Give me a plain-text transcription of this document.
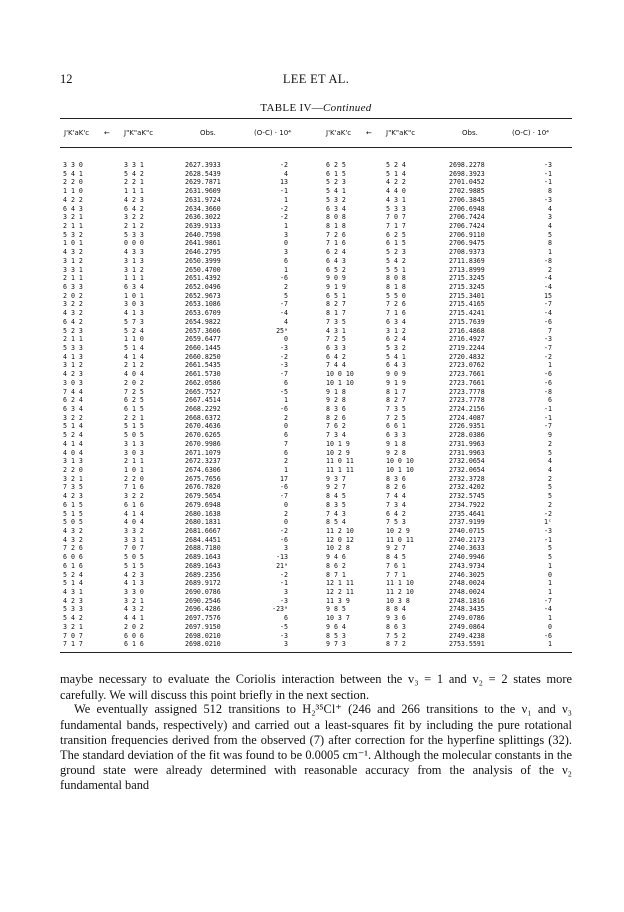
12	LEE ET AL.
TABLE IV—Continued
J'K'aK'c ← J"K"aK"c	Obs.	(O-C) · 10⁴	J'K'aK'c ← J"K"aK"c	Obs.	(O-C) · 10⁴
3 3 0	3 3 1	2627.3933	-2	6 2 5	5 2 4	2698.2278	-3
5 4 1	5 4 2	2628.5439	4	6 1 5	5 1 4	2698.3923	-1
2 2 0	2 2 1	2629.7871	13	5 2 3	4 2 2	2701.0452	-1
1 1 0	1 1 1	2631.9609	-1	5 4 1	4 4 0	2702.9885	8
4 2 2	4 2 3	2631.9724	1	5 3 2	4 3 1	2706.3845	-3
6 4 3	6 4 2	2634.3660	-2	6 3 4	5 3 3	2706.6948	4
3 2 1	3 2 2	2636.3022	-2	8 0 8	7 0 7	2706.7424	3
2 1 1	2 1 2	2639.9133	1	8 1 8	7 1 7	2706.7424	4
5 3 2	5 3 3	2640.7598	3	7 2 6	6 2 5	2706.9110	5
1 0 1	0 0 0	2641.9861	0	7 1 6	6 1 5	2706.9475	8
4 3 2	4 3 3	2646.2795	3	6 2 4	5 2 3	2708.9373	1
3 1 2	3 1 3	2650.3999	6	6 4 3	5 4 2	2711.8369	-8
3 3 1	3 1 2	2650.4700	1	6 5 2	5 5 1	2713.8999	2
2 1 1	1 1 1	2651.4392	-6	9 0 9	8 0 8	2715.3245	-4
6 3 3	6 3 4	2652.0496	2	9 1 9	8 1 8	2715.3245	-4
2 0 2	1 0 1	2652.9673	5	6 5 1	5 5 0	2715.3401	15
3 2 2	3 0 3	2653.1086	-7	8 2 7	7 2 6	2715.4165	-7
4 3 2	4 1 3	2653.6709	-4	8 1 7	7 1 6	2715.4241	-4
6 4 2	5 7 3	2654.9822	4	7 3 5	6 3 4	2715.7639	-6
5 2 3	5 2 4	2657.3606	25ᵃ	4 3 1	3 1 2	2716.4868	7
2 1 1	1 1 0	2659.6477	0	7 2 5	6 2 4	2716.4927	-3
5 3 3	5 1 4	2660.1445	-3	6 3 3	5 3 2	2719.2244	-7
4 1 3	4 1 4	2660.8250	-2	6 4 2	5 4 1	2720.4832	-2
3 1 2	2 1 2	2661.5435	-3	7 4 4	6 4 3	2723.0762	1
4 2 3	4 0 4	2661.5730	-7	10 0 10	9 0 9	2723.7661	-6
3 0 3	2 0 2	2662.0586	6	10 1 10	9 1 9	2723.7661	-6
7 4 4	7 2 5	2665.7527	-5	9 1 8	8 1 7	2723.7778	-8
6 2 4	6 2 5	2667.4514	1	9 2 8	8 2 7	2723.7778	6
6 3 4	6 1 5	2668.2292	-6	8 3 6	7 3 5	2724.2156	-1
3 2 2	2 2 1	2668.6372	2	8 2 6	7 2 5	2724.4087	-1
5 1 4	5 1 5	2670.4636	0	7 6 2	6 6 1	2726.9351	-7
5 2 4	5 0 5	2670.6265	6	7 3 4	6 3 3	2728.0386	9
4 1 4	3 1 3	2670.9986	7	10 1 9	9 1 8	2731.9963	2
4 0 4	3 0 3	2671.1079	6	10 2 9	9 2 8	2731.9963	5
3 1 3	2 1 1	2672.3237	2	11 0 11	10 0 10	2732.0654	4
2 2 0	1 0 1	2674.6306	1	11 1 11	10 1 10	2732.0654	4
3 2 1	2 2 0	2675.7656	17	9 3 7	8 3 6	2732.3728	2
7 3 5	7 1 6	2676.7820	-6	9 2 7	8 2 6	2732.4202	5
4 2 3	3 2 2	2679.5654	-7	8 4 5	7 4 4	2732.5745	5
6 1 5	6 1 6	2679.6948	0	8 3 5	7 3 4	2734.7922	2
5 1 5	4 1 4	2680.1638	2	7 4 3	6 4 2	2735.4641	-2
5 0 5	4 0 4	2680.1831	0	8 5 4	7 5 3	2737.9199	1ᶜ
4 3 2	3 3 2	2681.6667	-2	11 2 10	10 2 9	2740.0715	-3
4 3 2	3 3 1	2684.4451	-6	12 0 12	11 0 11	2740.2173	-1
7 2 6	7 0 7	2688.7180	3	10 2 8	9 2 7	2740.3633	5
6 0 6	5 0 5	2689.1643	-13	9 4 6	8 4 5	2740.9946	5
6 1 6	5 1 5	2689.1643	21ᵃ	8 6 2	7 6 1	2743.9734	1
5 2 4	4 2 3	2689.2356	-2	8 7 1	7 7 1	2746.3025	0
5 1 4	4 1 3	2689.9172	-1	12 1 11	11 1 10	2748.0024	1
4 3 1	3 3 0	2690.0786	3	12 2 11	11 2 10	2748.0024	1
4 2 3	3 2 1	2690.2546	-3	11 3 9	10 3 8	2748.1816	-7
5 3 3	4 3 2	2696.4286	-23ᵃ	9 8 5	8 8 4	2748.3435	-4
5 4 2	4 4 1	2697.7576	6	10 3 7	9 3 6	2749.0786	1
3 2 1	2 0 2	2697.9150	-5	9 6 4	8 6 3	2749.0864	0
7 0 7	6 0 6	2698.0210	-3	8 5 3	7 5 2	2749.4238	-6
7 1 7	6 1 6	2698.0210	3	9 7 3	8 7 2	2753.5591	1

maybe necessary to evaluate the Coriolis interaction between the v₃ = 1 and v₂ = 2 states more carefully. We will discuss this point briefly in the next section.

We eventually assigned 512 transitions to H₂³⁵Cl⁺ (246 and 266 transitions to the ν₁ and ν₃ fundamental bands, respectively) and carried out a least-squares fit by including the pure rotational transition frequencies derived from the observed (7) after correction for the hyperfine splittings (32). The standard deviation of the fit was found to be 0.0005 cm⁻¹. Although the molecular constants in the ground state were already determined with reasonable accuracy from the analysis of the ν₂ fundamental band
